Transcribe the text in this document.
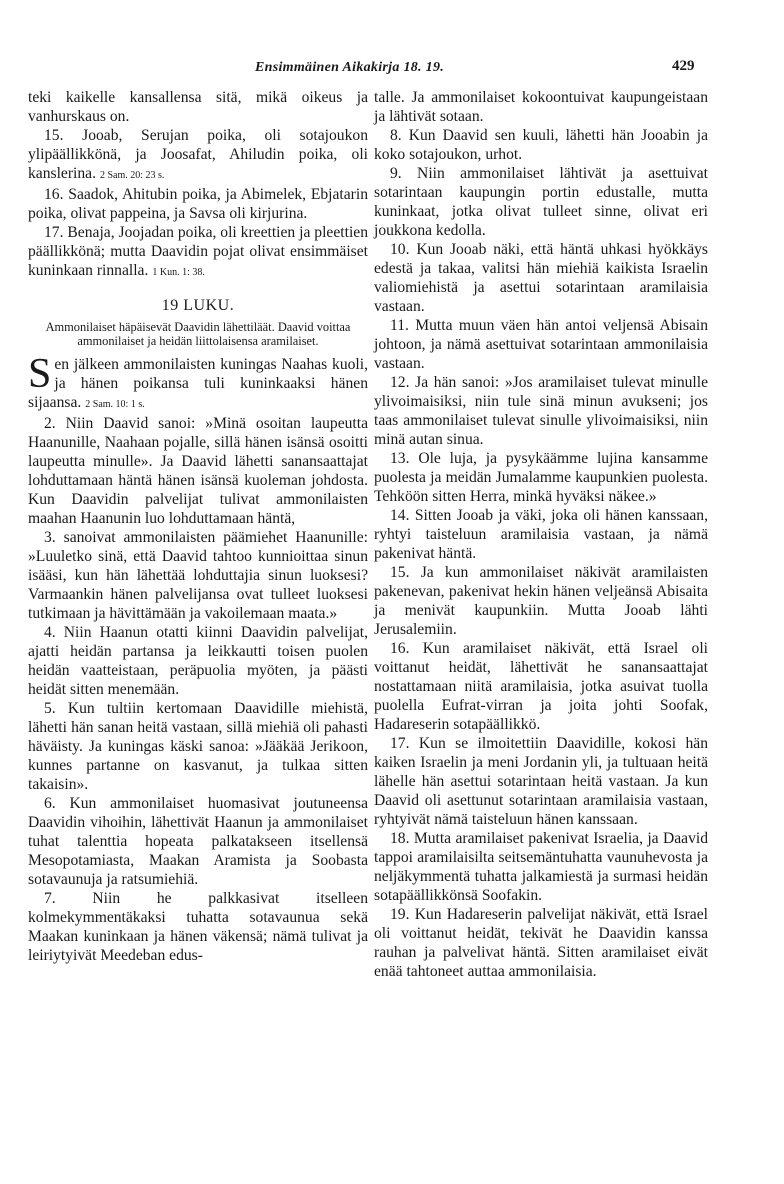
Ensimmäinen Aikakirja 18. 19.	429

teki kaikelle kansallensa sitä, mikä oikeus ja vanhurskaus on.

15. Jooab, Serujan poika, oli sotajoukon ylipäällikkönä, ja Joosafat, Ahiludin poika, oli kanslerina. 2 Sam. 20: 23 s.

16. Saadok, Ahitubin poika, ja Abimelek, Ebjatarin poika, olivat pappeina, ja Savsa oli kirjurina.

17. Benaja, Joojadan poika, oli kreettien ja pleettien päällikkönä; mutta Daavidin pojat olivat ensimmäiset kuninkaan rinnalla. 1 Kun. 1: 38.

19 LUKU.
Ammonilaiset häpäisevät Daavidin lähettiläät. Daavid voittaa ammonilaiset ja heidän liittolaisensa aramilaiset.

Sen jälkeen ammonilaisten kuningas Naahas kuoli, ja hänen poikansa tuli kuninkaaksi hänen sijaansa. 2 Sam. 10: 1 s.

2. Niin Daavid sanoi: »Minä osoitan laupeutta Haanunille, Naahaan pojalle, sillä hänen isänsä osoitti laupeutta minulle». Ja Daavid lähetti sanansaattajat lohduttamaan häntä hänen isänsä kuoleman johdosta. Kun Daavidin palvelijat tulivat ammonilaisten maahan Haanunin luo lohduttamaan häntä,

3. sanoivat ammonilaisten päämiehet Haanunille: »Luuletko sinä, että Daavid tahtoo kunnioittaa sinun isääsi, kun hän lähettää lohduttajia sinun luoksesi? Varmaankin hänen palvelijansa ovat tulleet luoksesi tutkimaan ja hävittämään ja vakoilemaan maata.»

4. Niin Haanun otatti kiinni Daavidin palvelijat, ajatti heidän partansa ja leikkautti toisen puolen heidän vaatteistaan, peräpuolia myöten, ja päästi heidät sitten menemään.

5. Kun tultiin kertomaan Daavidille miehistä, lähetti hän sanan heitä vastaan, sillä miehiä oli pahasti häväisty. Ja kuningas käski sanoa: »Jääkää Jerikoon, kunnes partanne on kasvanut, ja tulkaa sitten takaisin».

6. Kun ammonilaiset huomasivat joutuneensa Daavidin vihoihin, lähettivät Haanun ja ammonilaiset tuhat talenttia hopeata palkatakseen itsellensä Mesopotamiasta, Maakan Aramista ja Soobasta sotavaunuja ja ratsumiehiä.

7. Niin he palkkasivat itselleen kolmekymmentäkaksi tuhatta sotavaunua sekä Maakan kuninkaan ja hänen väkensä; nämä tulivat ja leiriytyivät Meedeban edus-

talle. Ja ammonilaiset kokoontuivat kaupungeistaan ja lähtivät sotaan.

8. Kun Daavid sen kuuli, lähetti hän Jooabin ja koko sotajoukon, urhot.

9. Niin ammonilaiset lähtivät ja asettuivat sotarintaan kaupungin portin edustalle, mutta kuninkaat, jotka olivat tulleet sinne, olivat eri joukkona kedolla.

10. Kun Jooab näki, että häntä uhkasi hyökkäys edestä ja takaa, valitsi hän miehiä kaikista Israelin valiomiehistä ja asettui sotarintaan aramilaisia vastaan.

11. Mutta muun väen hän antoi veljensä Abisain johtoon, ja nämä asettuivat sotarintaan ammonilaisia vastaan.

12. Ja hän sanoi: »Jos aramilaiset tulevat minulle ylivoimaisiksi, niin tule sinä minun avukseni; jos taas ammonilaiset tulevat sinulle ylivoimaisiksi, niin minä autan sinua.

13. Ole luja, ja pysykäämme lujina kansamme puolesta ja meidän Jumalamme kaupunkien puolesta. Tehköön sitten Herra, minkä hyväksi näkee.»

14. Sitten Jooab ja väki, joka oli hänen kanssaan, ryhtyi taisteluun aramilaisia vastaan, ja nämä pakenivat häntä.

15. Ja kun ammonilaiset näkivät aramilaisten pakenevan, pakenivat hekin hänen veljeänsä Abisaita ja menivät kaupunkiin. Mutta Jooab lähti Jerusalemiin.

16. Kun aramilaiset näkivät, että Israel oli voittanut heidät, lähettivät he sanansaattajat nostattamaan niitä aramilaisia, jotka asuivat tuolla puolella Eufrat-virran ja joita johti Soofak, Hadareserin sotapäällikkö.

17. Kun se ilmoitettiin Daavidille, kokosi hän kaiken Israelin ja meni Jordanin yli, ja tultuaan heitä lähelle hän asettui sotarintaan heitä vastaan. Ja kun Daavid oli asettunut sotarintaan aramilaisia vastaan, ryhtyivät nämä taisteluun hänen kanssaan.

18. Mutta aramilaiset pakenivat Israelia, ja Daavid tappoi aramilaisilta seitsemäntuhatta vaunuhevosta ja neljäkymmentä tuhatta jalkamiestä ja surmasi heidän sotapäällikkönsä Soofakin.

19. Kun Hadareserin palvelijat näkivät, että Israel oli voittanut heidät, tekivät he Daavidin kanssa rauhan ja palvelivat häntä. Sitten aramilaiset eivät enää tahtoneet auttaa ammonilaisia.
